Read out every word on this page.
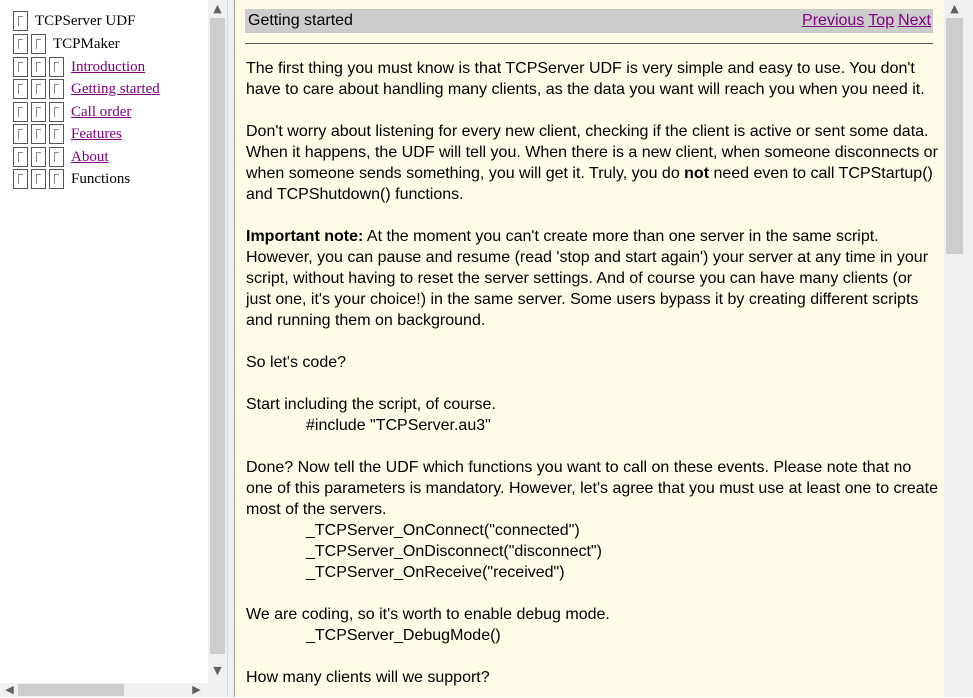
TCPServer UDF
TCPMaker
Introduction
Getting started
Call order
Features
About
Functions
▲
▼
◀	▶
Getting started	Previous Top Next

The first thing you must know is that TCPServer UDF is very simple and easy to use. You don't have to care about handling many clients, as the data you want will reach you when you need it.

Don't worry about listening for every new client, checking if the client is active or sent some data. When it happens, the UDF will tell you. When there is a new client, when someone disconnects or when someone sends something, you will get it. Truly, you do not need even to call TCPStartup() and TCPShutdown() functions.

Important note: At the moment you can't create more than one server in the same script. However, you can pause and resume (read 'stop and start again') your server at any time in your script, without having to reset the server settings. And of course you can have many clients (or just one, it's your choice!) in the same server. Some users bypass it by creating different scripts and running them on background.

So let's code?

Start including the script, of course.
#include "TCPServer.au3"

Done? Now tell the UDF which functions you want to call on these events. Please note that no one of this parameters is mandatory. However, let's agree that you must use at least one to create most of the servers.
_TCPServer_OnConnect("connected")
_TCPServer_OnDisconnect("disconnect")
_TCPServer_OnReceive("received")

We are coding, so it's worth to enable debug mode.
_TCPServer_DebugMode()

How many clients will we support?

▲
